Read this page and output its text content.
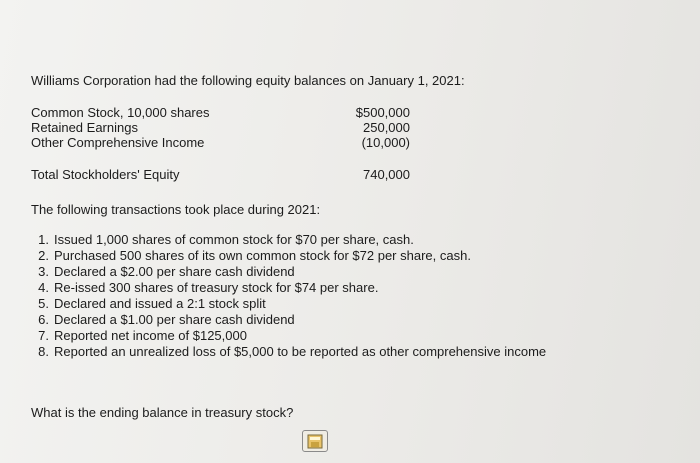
Williams Corporation had the following equity balances on January 1, 2021:
Common Stock, 10,000 shares	$500,000
Retained Earnings	250,000
Other Comprehensive Income	(10,000)
Total Stockholders' Equity	740,000
The following transactions took place during 2021:
1. Issued 1,000 shares of common stock for $70 per share, cash.
2. Purchased 500 shares of its own common stock for $72 per share, cash.
3. Declared a $2.00 per share cash dividend
4. Re-issed 300 shares of treasury stock for $74 per share.
5. Declared and issued a 2:1 stock split
6. Declared a $1.00 per share cash dividend
7. Reported net income of $125,000
8. Reported an unrealized loss of $5,000 to be reported as other comprehensive income
What is the ending balance in treasury stock?
